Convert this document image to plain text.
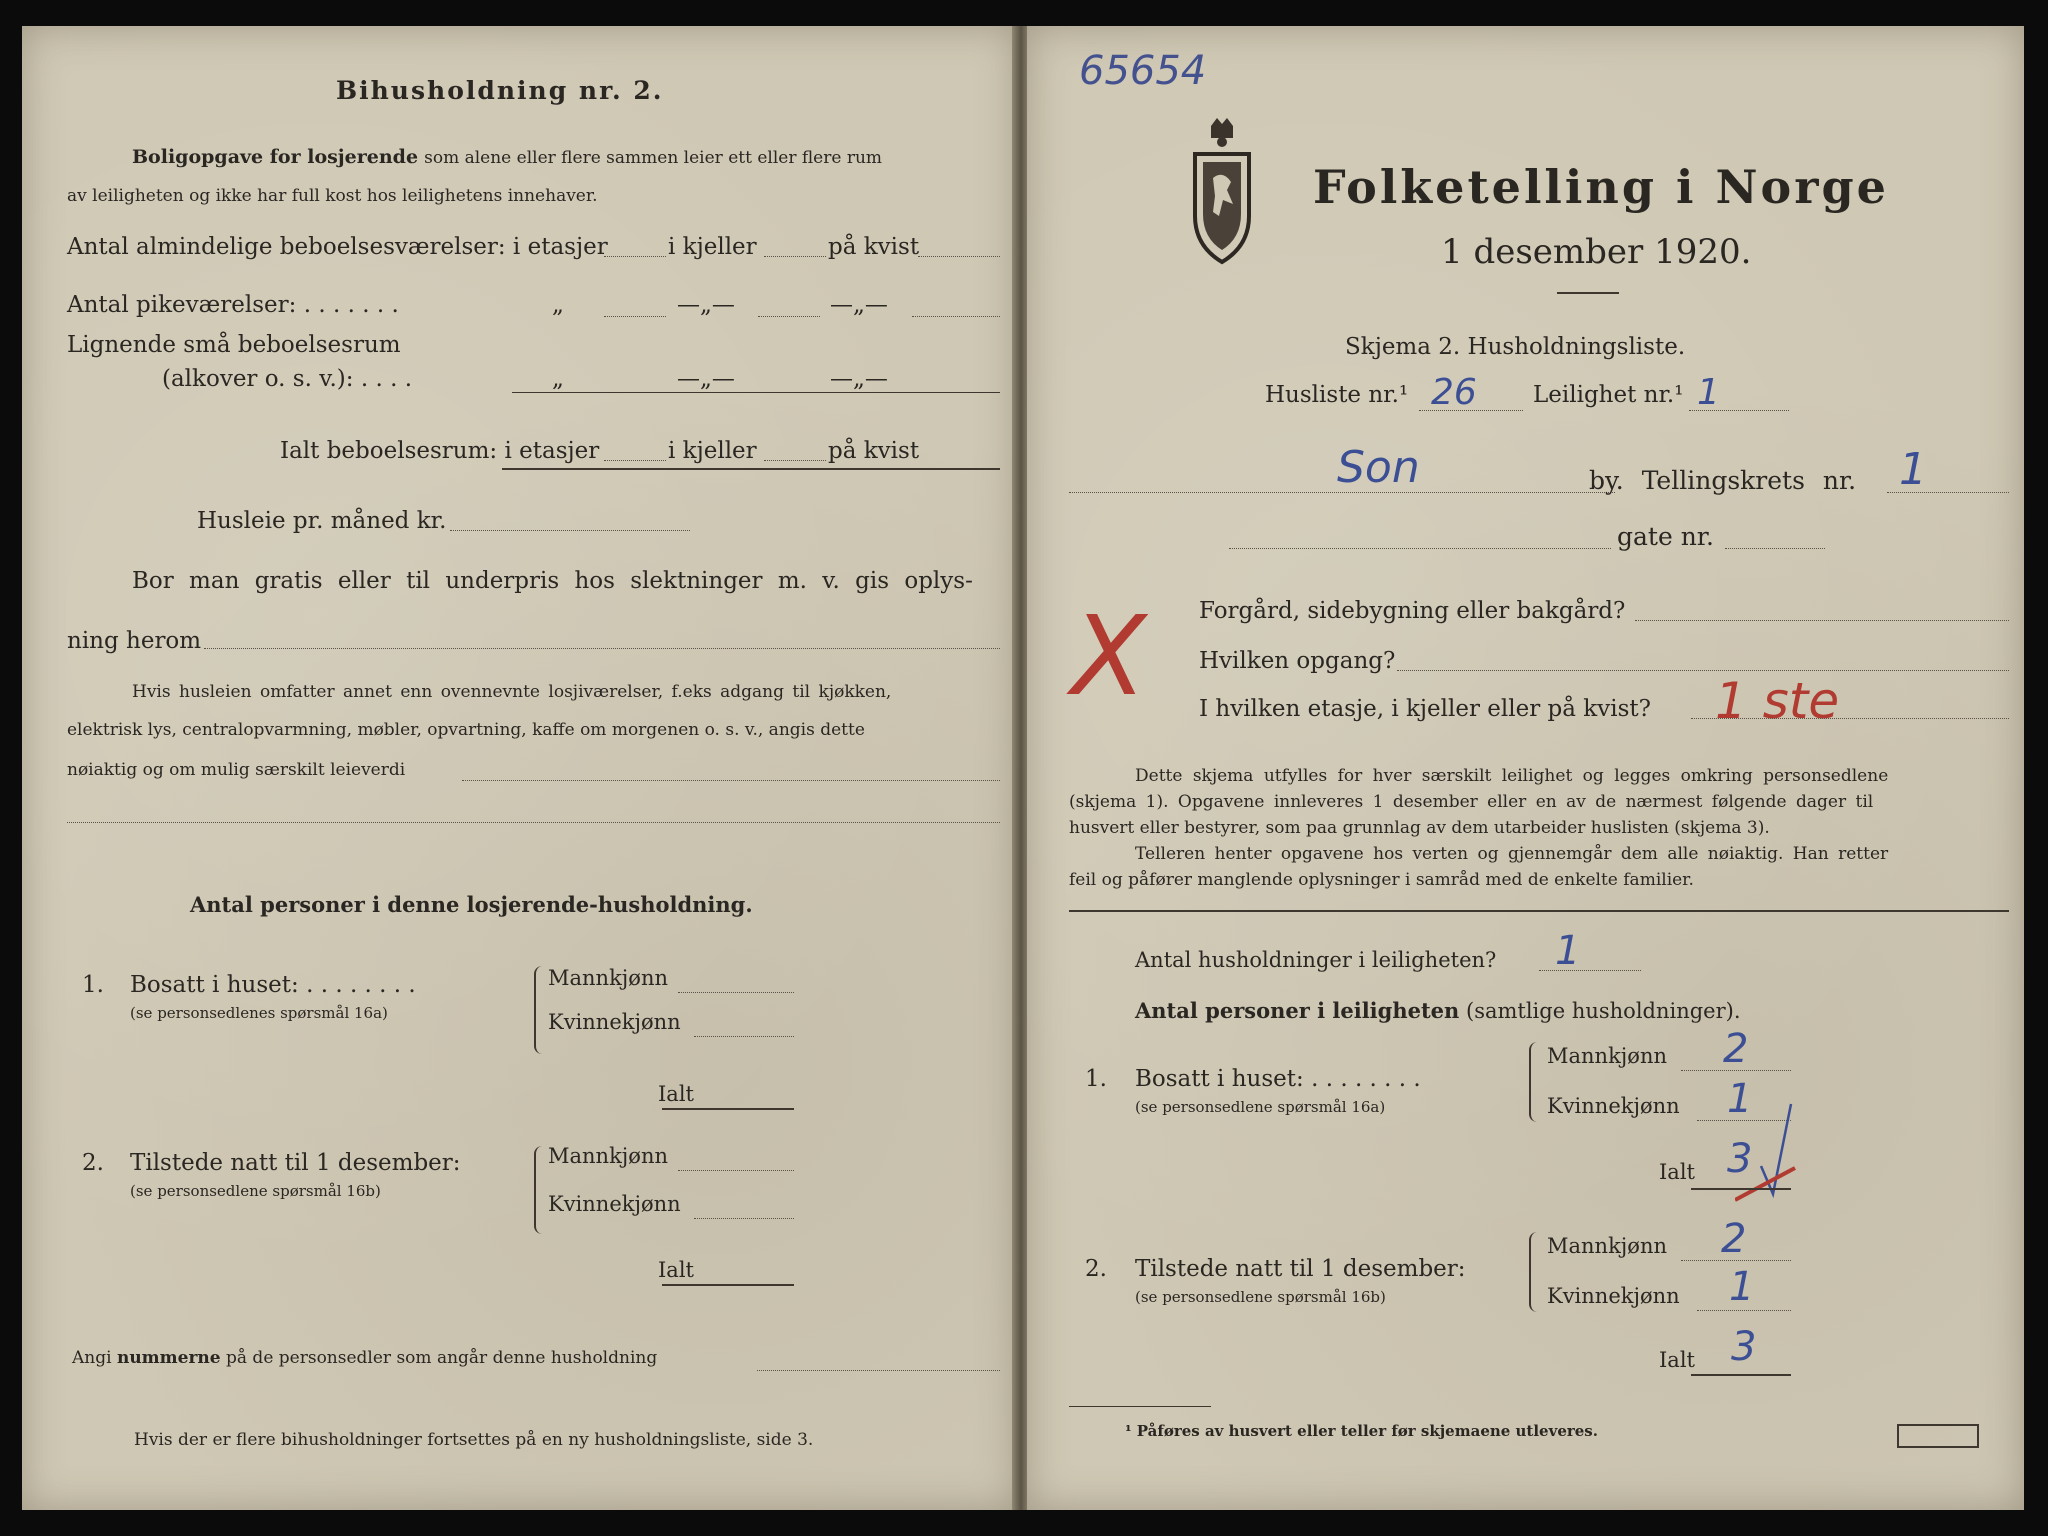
Bihusholdning nr. 2.
Boligopgave for losjerende som alene eller flere sammen leier ett eller flere rum
av leiligheten og ikke har full kost hos leilighetens innehaver.
Antal almindelige beboelsesværelser: i etasjer	i kjeller	på kvist
Antal pikeværelser: . . . . . . .	„	—„—	—„—
Lignende små beboelsesrum
(alkover o. s. v.): . . . .	„	—„—	—„—
Ialt beboelsesrum: i etasjer	i kjeller	på kvist
Husleie pr. måned kr.
Bor man gratis eller til underpris hos slektninger m. v. gis oplys-
ning herom
Hvis husleien omfatter annet enn ovennevnte losjiværelser, f.eks adgang til kjøkken,
elektrisk lys, centralopvarmning, møbler, opvartning, kaffe om morgenen o. s. v., angis dette
nøiaktig og om mulig særskilt leieverdi
Antal personer i denne losjerende-husholdning.
1. Bosatt i huset: . . . . . . . .
(se personsedlenes spørsmål 16a)
Mannkjønn
Kvinnekjønn
Ialt
2. Tilstede natt til 1 desember:
(se personsedlene spørsmål 16b)
Mannkjønn
Kvinnekjønn
Ialt
Angi nummerne på de personsedler som angår denne husholdning
Hvis der er flere bihusholdninger fortsettes på en ny husholdningsliste, side 3.
65654
Folketelling i Norge
1 desember 1920.
Skjema 2. Husholdningsliste.
Husliste nr.¹ 26 Leilighet nr.¹ 1
Son	by. Tellingskrets nr. 1
gate nr.
X Forgård, sidebygning eller bakgård?
Hvilken opgang?
I hvilken etasje, i kjeller eller på kvist? 1 ste
Dette skjema utfylles for hver særskilt leilighet og legges omkring personsedlene
(skjema 1). Opgavene innleveres 1 desember eller en av de nærmest følgende dager til
husvert eller bestyrer, som paa grunnlag av dem utarbeider huslisten (skjema 3).
Telleren henter opgavene hos verten og gjennemgår dem alle nøiaktig. Han retter
feil og påfører manglende oplysninger i samråd med de enkelte familier.
Antal husholdninger i leiligheten? 1
Antal personer i leiligheten (samtlige husholdninger).
1. Bosatt i huset: . . . . . . . .
(se personsedlene spørsmål 16a)
Mannkjønn 2
Kvinnekjønn 1
Ialt 3
2. Tilstede natt til 1 desember:
(se personsedlene spørsmål 16b)
Mannkjønn 2
Kvinnekjønn 1
Ialt 3
¹ Påføres av husvert eller teller før skjemaene utleveres.
